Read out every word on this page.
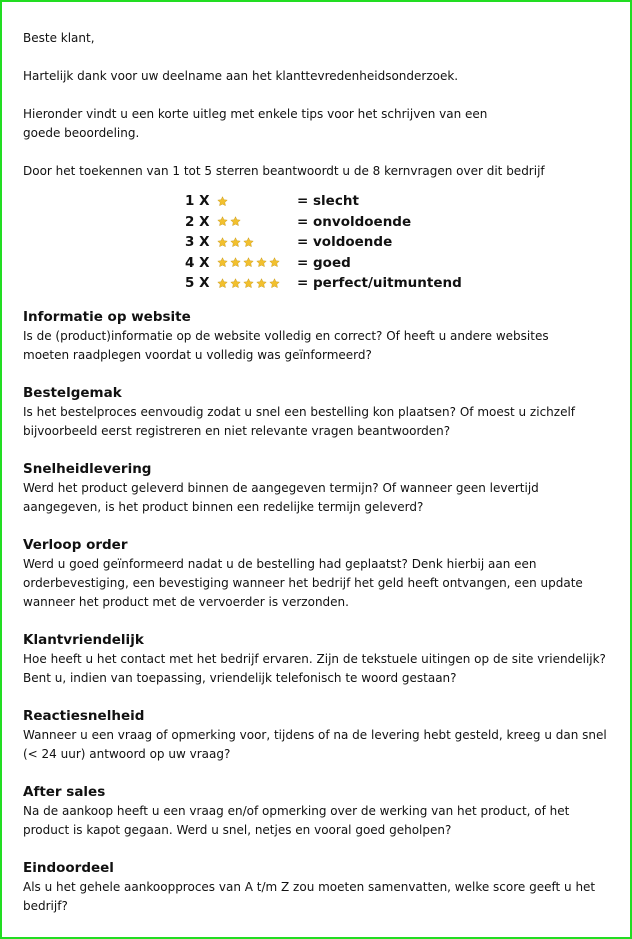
Beste klant,

Hartelijk dank voor uw deelname aan het klanttevredenheidsonderzoek.

Hieronder vindt u een korte uitleg met enkele tips voor het schrijven van een goede beoordeling.

Door het toekennen van 1 tot 5 sterren beantwoordt u de 8 kernvragen over dit bedrijf

1 X	= slecht
2 X	= onvoldoende
3 X	= voldoende
4 X	= goed
5 X	= perfect/uitmuntend
Informatie op website

Is de (product)informatie op de website volledig en correct? Of heeft u andere websites moeten raadplegen voordat u volledig was geïnformeerd?

Bestelgemak

Is het bestelproces eenvoudig zodat u snel een bestelling kon plaatsen? Of moest u zichzelf bijvoorbeeld eerst registreren en niet relevante vragen beantwoorden?

Snelheidlevering

Werd het product geleverd binnen de aangegeven termijn? Of wanneer geen levertijd aangegeven, is het product binnen een redelijke termijn geleverd?

Verloop order

Werd u goed geïnformeerd nadat u de bestelling had geplaatst? Denk hierbij aan een orderbevestiging, een bevestiging wanneer het bedrijf het geld heeft ontvangen, een update wanneer het product met de vervoerder is verzonden.

Klantvriendelijk

Hoe heeft u het contact met het bedrijf ervaren. Zijn de tekstuele uitingen op de site vriendelijk? Bent u, indien van toepassing, vriendelijk telefonisch te woord gestaan?

Reactiesnelheid

Wanneer u een vraag of opmerking voor, tijdens of na de levering hebt gesteld, kreeg u dan snel (< 24 uur) antwoord op uw vraag?

After sales

Na de aankoop heeft u een vraag en/of opmerking over de werking van het product, of het product is kapot gegaan. Werd u snel, netjes en vooral goed geholpen?

Eindoordeel

Als u het gehele aankoopproces van A t/m Z zou moeten samenvatten, welke score geeft u het bedrijf?
